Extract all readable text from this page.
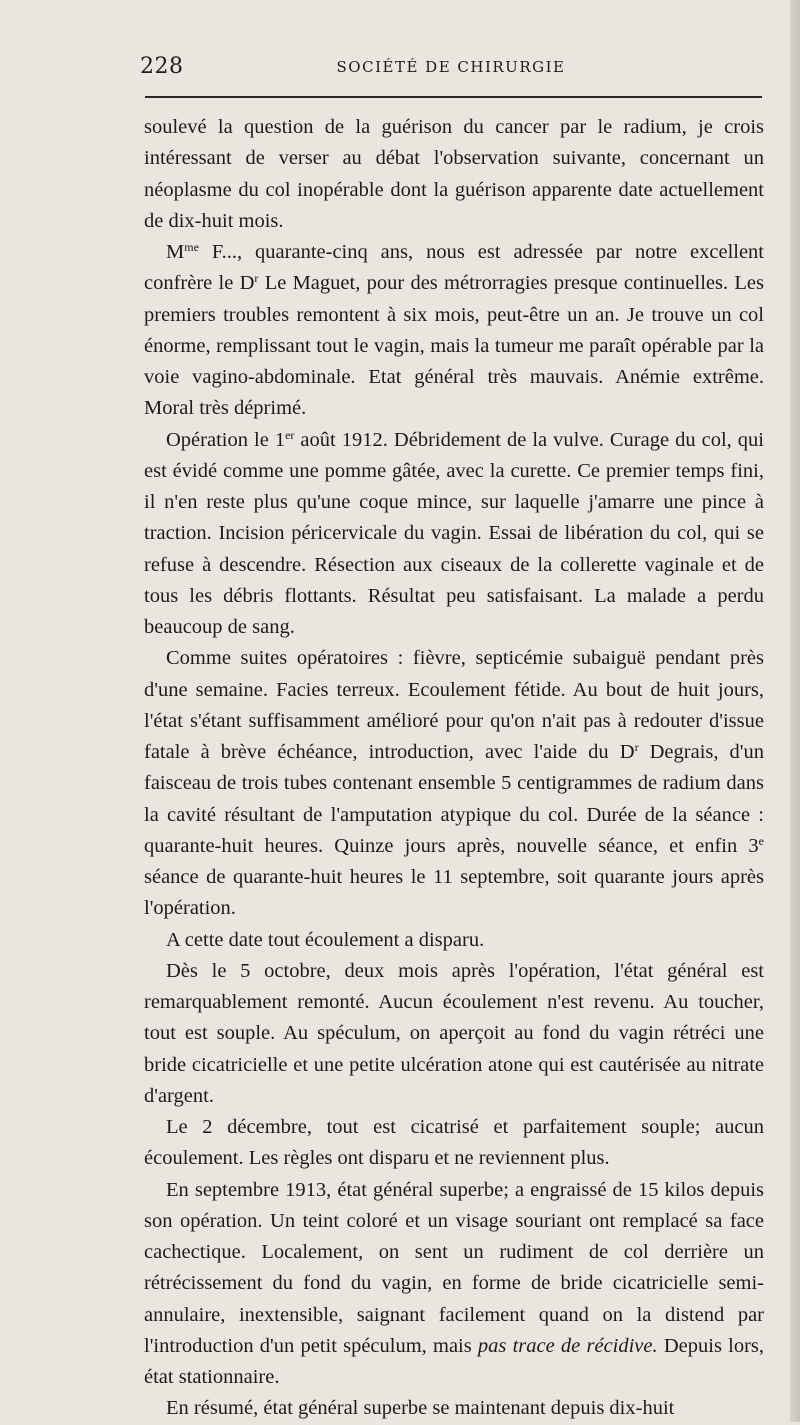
228	SOCIÉTÉ DE CHIRURGIE

soulevé la question de la guérison du cancer par le radium, je crois intéressant de verser au débat l'observation suivante, concernant un néoplasme du col inopérable dont la guérison apparente date actuellement de dix-huit mois.

$M^{me}$ F..., quarante-cinq ans, nous est adressée par notre excellent confrère le $D^r$ Le Maguet, pour des métrorragies presque continuelles. Les premiers troubles remontent à six mois, peut-être un an. Je trouve un col énorme, remplissant tout le vagin, mais la tumeur me paraît opérable par la voie vagino-abdominale. Etat général très mauvais. Anémie extrême. Moral très déprimé.

Opération le 1er août 1912. Débridement de la vulve. Curage du col, qui est évidé comme une pomme gâtée, avec la curette. Ce premier temps fini, il n'en reste plus qu'une coque mince, sur laquelle j'amarre une pince à traction. Incision péricervicale du vagin. Essai de libération du col, qui se refuse à descendre. Résection aux ciseaux de la collerette vaginale et de tous les débris flottants. Résultat peu satisfaisant. La malade a perdu beaucoup de sang.

Comme suites opératoires : fièvre, septicémie subaiguë pendant près d'une semaine. Facies terreux. Ecoulement fétide. Au bout de huit jours, l'état s'étant suffisamment amélioré pour qu'on n'ait pas à redouter d'issue fatale à brève échéance, introduction, avec l'aide du $D^r$ Degrais, d'un faisceau de trois tubes contenant ensemble 5 centigrammes de radium dans la cavité résultant de l'amputation atypique du col. Durée de la séance : quarante-huit heures. Quinze jours après, nouvelle séance, et enfin 3e séance de quarante-huit heures le 11 septembre, soit quarante jours après l'opération.

A cette date tout écoulement a disparu.

Dès le 5 octobre, deux mois après l'opération, l'état général est remarquablement remonté. Aucun écoulement n'est revenu. Au toucher, tout est souple. Au spéculum, on aperçoit au fond du vagin rétréci une bride cicatricielle et une petite ulcération atone qui est cautérisée au nitrate d'argent.

Le 2 décembre, tout est cicatrisé et parfaitement souple; aucun écoulement. Les règles ont disparu et ne reviennent plus.

En septembre 1913, état général superbe; a engraissé de 15 kilos depuis son opération. Un teint coloré et un visage souriant ont remplacé sa face cachectique. Localement, on sent un rudiment de col derrière un rétrécissement du fond du vagin, en forme de bride cicatricielle semi-annulaire, inextensible, saignant facilement quand on la distend par l'introduction d'un petit spéculum, mais pas trace de récidive. Depuis lors, état stationnaire.

En résumé, état général superbe se maintenant depuis dix-huit
